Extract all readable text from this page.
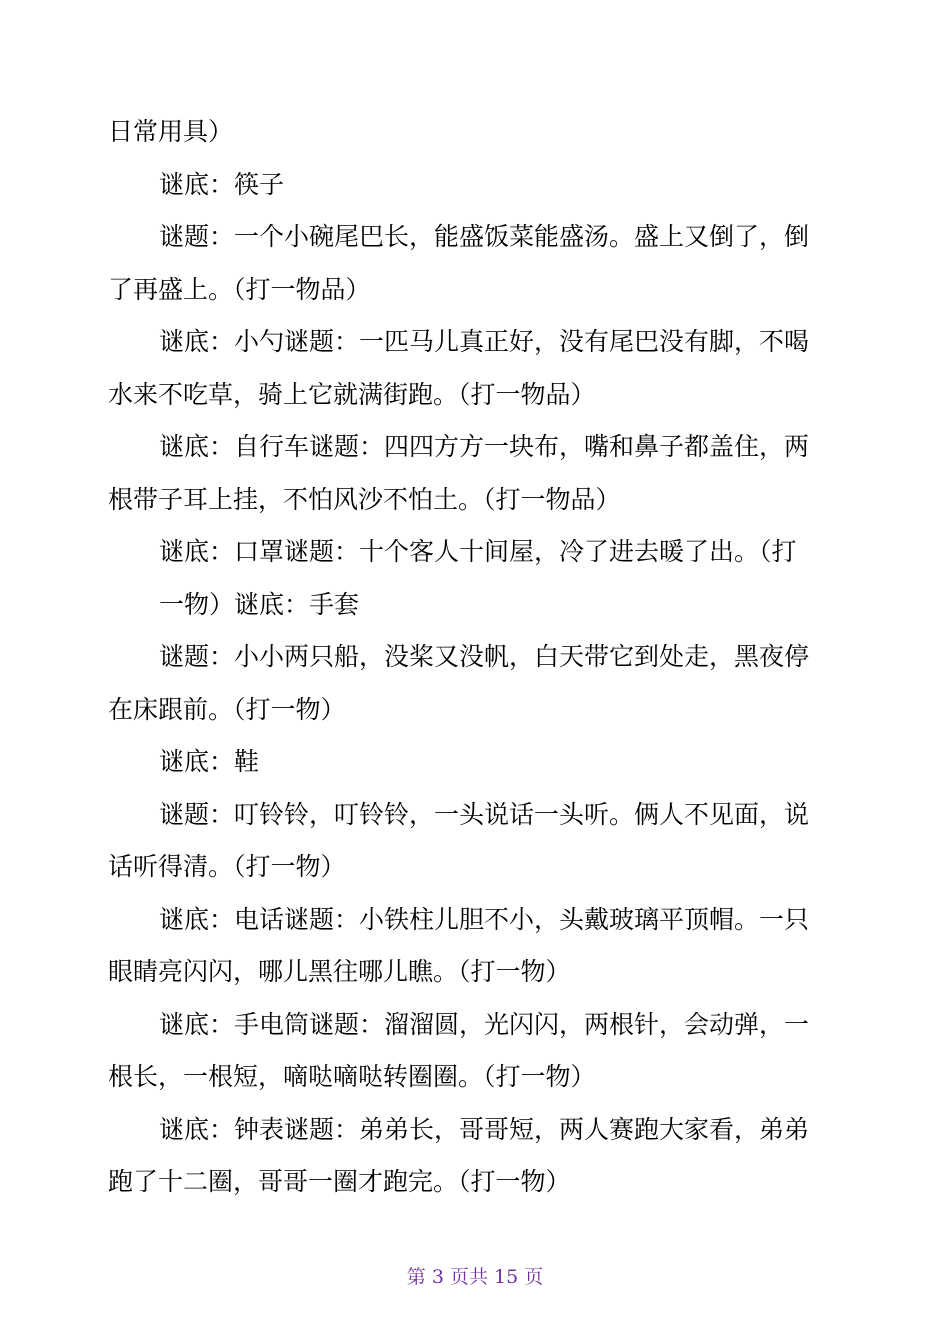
日常用具）
谜底：筷子
谜题：一个小碗尾巴长，能盛饭菜能盛汤。盛上又倒了，倒
了再盛上。（打一物品）
谜底：小勺谜题：一匹马儿真正好，没有尾巴没有脚，不喝
水来不吃草，骑上它就满街跑。（打一物品）
谜底：自行车谜题：四四方方一块布，嘴和鼻子都盖住，两
根带子耳上挂，不怕风沙不怕土。（打一物品）
谜底：口罩谜题：十个客人十间屋，冷了进去暖了出。（打
一物）谜底：手套
谜题：小小两只船，没桨又没帆，白天带它到处走，黑夜停
在床跟前。（打一物）
谜底：鞋
谜题：叮铃铃，叮铃铃，一头说话一头听。俩人不见面，说
话听得清。（打一物）
谜底：电话谜题：小铁柱儿胆不小，头戴玻璃平顶帽。一只
眼睛亮闪闪，哪儿黑往哪儿瞧。（打一物）
谜底：手电筒谜题：溜溜圆，光闪闪，两根针，会动弹，一
根长，一根短，嘀哒嘀哒转圈圈。（打一物）
谜底：钟表谜题：弟弟长，哥哥短，两人赛跑大家看，弟弟
跑了十二圈，哥哥一圈才跑完。（打一物）
第 3 页共 15 页
